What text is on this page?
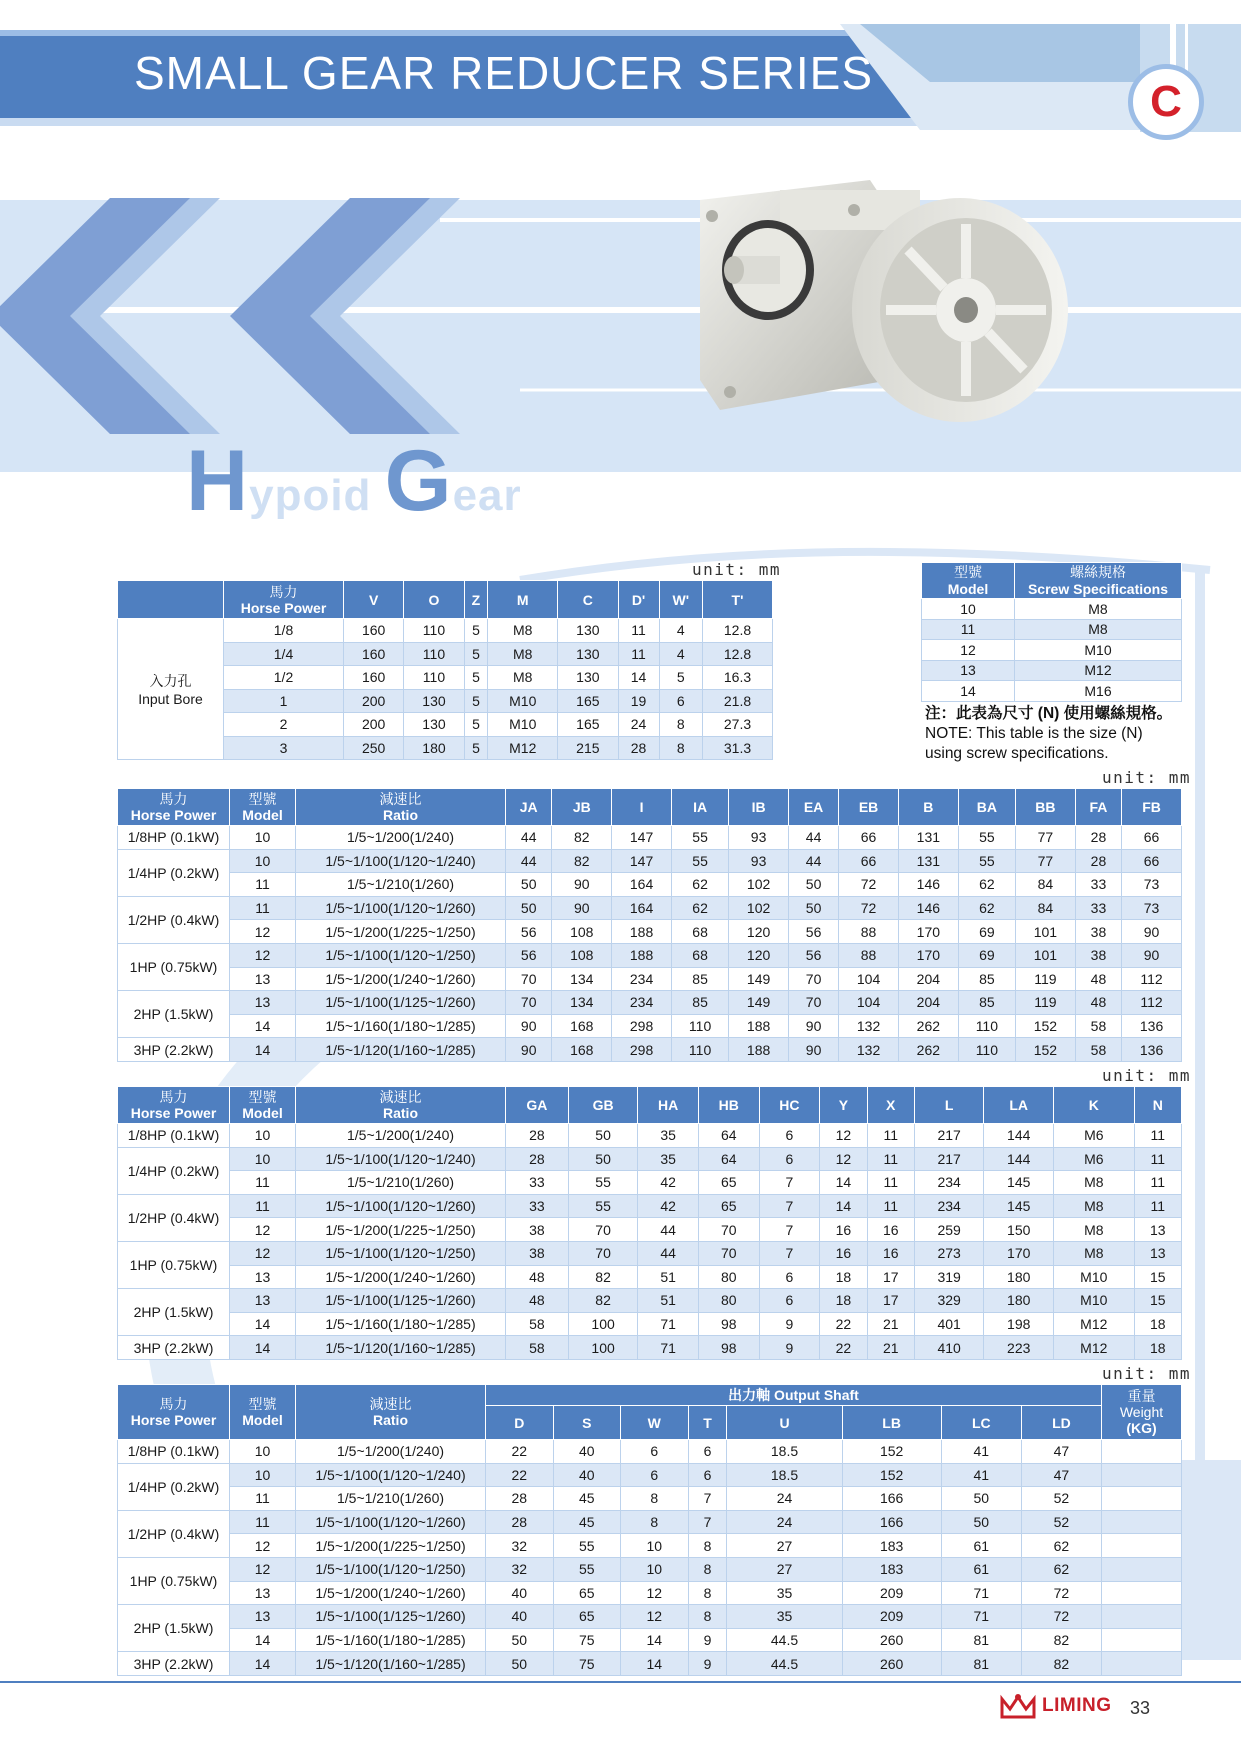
SMALL GEAR REDUCER SERIES
C
Hypoid Gear
unit: mm

	馬力
Horse Power	V	O	Z	M	C	D'	W'	T'

入力孔
Input Bore	1/8	160	110	5	M8	130	11	4	12.8
	1/4	160	110	5	M8	130	11	4	12.8
	1/2	160	110	5	M8	130	14	5	16.3
	1	200	130	5	M10	165	19	6	21.8
	2	200	130	5	M10	165	24	8	27.3
	3	250	180	5	M12	215	28	8	31.3
型號
Model	螺絲規格
Screw Specifications
10	M8
11	M8
12	M10
13	M12
14	M16
注：此表為尺寸 (N) 使用螺絲規格。
NOTE: This table is the size (N)
using screw specifications.
unit: mm
馬力
Horse Power	型號
Model	減速比
Ratio	JA	JB	I	IA	IB	EA	EB	B	BA	BB	FA	FB
1/8HP (0.1kW)	10	1/5~1/200(1/240)	44	82	147	55	93	44	66	131	55	77	28	66
1/4HP (0.2kW)	10	1/5~1/100(1/120~1/240)	44	82	147	55	93	44	66	131	55	77	28	66
	11	1/5~1/210(1/260)	50	90	164	62	102	50	72	146	62	84	33	73
1/2HP (0.4kW)	11	1/5~1/100(1/120~1/260)	50	90	164	62	102	50	72	146	62	84	33	73
	12	1/5~1/200(1/225~1/250)	56	108	188	68	120	56	88	170	69	101	38	90
1HP (0.75kW)	12	1/5~1/100(1/120~1/250)	56	108	188	68	120	56	88	170	69	101	38	90
	13	1/5~1/200(1/240~1/260)	70	134	234	85	149	70	104	204	85	119	48	112
2HP (1.5kW)	13	1/5~1/100(1/125~1/260)	70	134	234	85	149	70	104	204	85	119	48	112
	14	1/5~1/160(1/180~1/285)	90	168	298	110	188	90	132	262	110	152	58	136
3HP (2.2kW)	14	1/5~1/120(1/160~1/285)	90	168	298	110	188	90	132	262	110	152	58	136
unit: mm
馬力
Horse Power	型號
Model	減速比
Ratio	GA	GB	HA	HB	HC	Y	X	L	LA	K	N
1/8HP (0.1kW)	10	1/5~1/200(1/240)	28	50	35	64	6	12	11	217	144	M6	11
1/4HP (0.2kW)	10	1/5~1/100(1/120~1/240)	28	50	35	64	6	12	11	217	144	M6	11
	11	1/5~1/210(1/260)	33	55	42	65	7	14	11	234	145	M8	11
1/2HP (0.4kW)	11	1/5~1/100(1/120~1/260)	33	55	42	65	7	14	11	234	145	M8	11
	12	1/5~1/200(1/225~1/250)	38	70	44	70	7	16	16	259	150	M8	13
1HP (0.75kW)	12	1/5~1/100(1/120~1/250)	38	70	44	70	7	16	16	273	170	M8	13
	13	1/5~1/200(1/240~1/260)	48	82	51	80	6	18	17	319	180	M10	15
2HP (1.5kW)	13	1/5~1/100(1/125~1/260)	48	82	51	80	6	18	17	329	180	M10	15
	14	1/5~1/160(1/180~1/285)	58	100	71	98	9	22	21	401	198	M12	18
3HP (2.2kW)	14	1/5~1/120(1/160~1/285)	58	100	71	98	9	22	21	410	223	M12	18
unit: mm
馬力
Horse Power	型號
Model	減速比
Ratio	出力軸 Output Shaft								重量
Weight
(KG)
			D	S	W	T	U	LB	LC	LD	
1/8HP (0.1kW)	10	1/5~1/200(1/240)	22	40	6	6	18.5	152	41	47	
1/4HP (0.2kW)	10	1/5~1/100(1/120~1/240)	22	40	6	6	18.5	152	41	47	
	11	1/5~1/210(1/260)	28	45	8	7	24	166	50	52	
1/2HP (0.4kW)	11	1/5~1/100(1/120~1/260)	28	45	8	7	24	166	50	52	
	12	1/5~1/200(1/225~1/250)	32	55	10	8	27	183	61	62	
1HP (0.75kW)	12	1/5~1/100(1/120~1/250)	32	55	10	8	27	183	61	62	
	13	1/5~1/200(1/240~1/260)	40	65	12	8	35	209	71	72	
2HP (1.5kW)	13	1/5~1/100(1/125~1/260)	40	65	12	8	35	209	71	72	
	14	1/5~1/160(1/180~1/285)	50	75	14	9	44.5	260	81	82	
3HP (2.2kW)	14	1/5~1/120(1/160~1/285)	50	75	14	9	44.5	260	81	82	
LIMING 33
